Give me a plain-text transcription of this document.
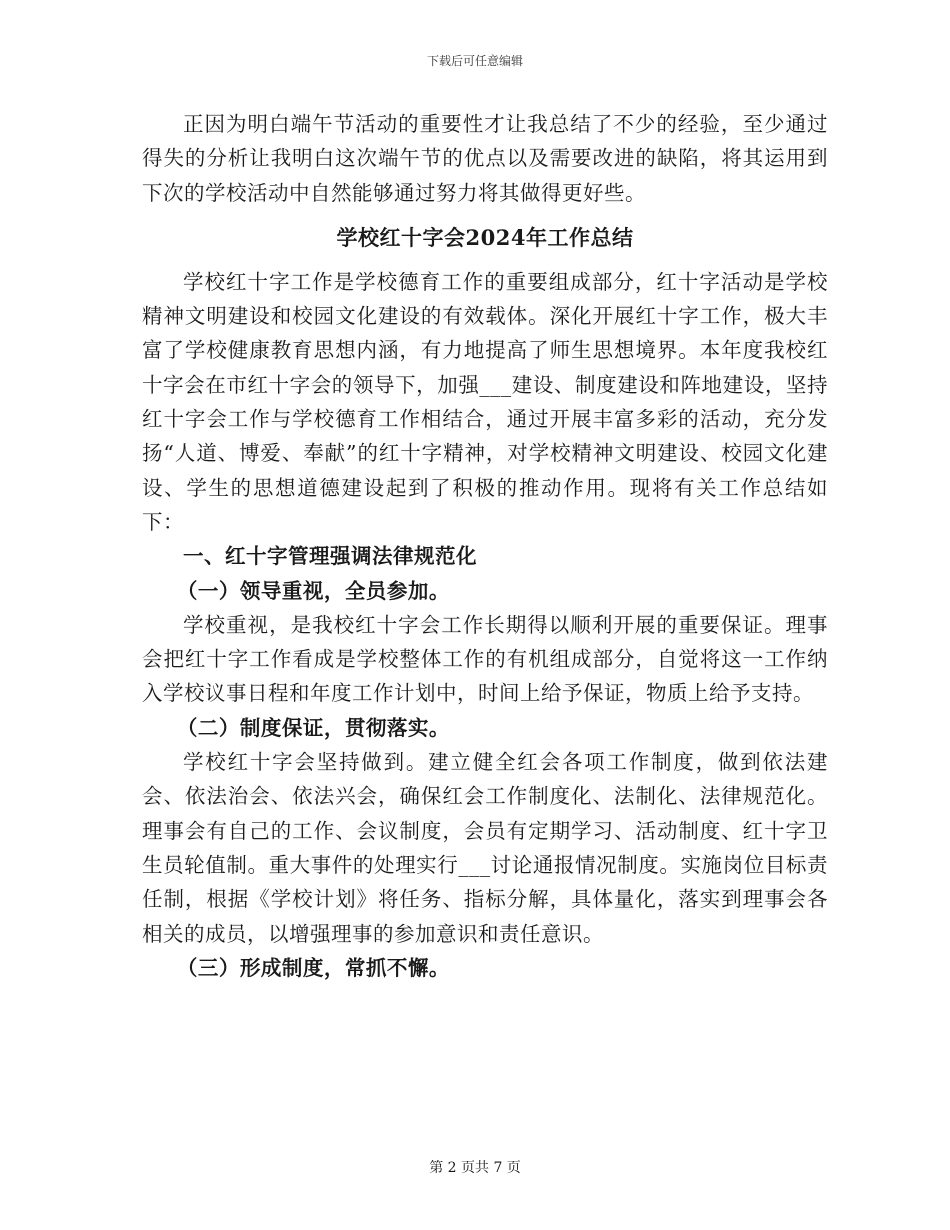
下载后可任意编辑

正因为明白端午节活动的重要性才让我总结了不少的经验，至少通过得失的分析让我明白这次端午节的优点以及需要改进的缺陷，将其运用到下次的学校活动中自然能够通过努力将其做得更好些。

学校红十字会2024年工作总结

学校红十字工作是学校德育工作的重要组成部分，红十字活动是学校精神文明建设和校园文化建设的有效载体。深化开展红十字工作，极大丰富了学校健康教育思想内涵，有力地提高了师生思想境界。本年度我校红十字会在市红十字会的领导下，加强___建设、制度建设和阵地建设，坚持红十字会工作与学校德育工作相结合，通过开展丰富多彩的活动，充分发扬“人道、博爱、奉献”的红十字精神，对学校精神文明建设、校园文化建设、学生的思想道德建设起到了积极的推动作用。现将有关工作总结如下：

一、红十字管理强调法律规范化

（一）领导重视，全员参加。

学校重视，是我校红十字会工作长期得以顺利开展的重要保证。理事会把红十字工作看成是学校整体工作的有机组成部分，自觉将这一工作纳入学校议事日程和年度工作计划中，时间上给予保证，物质上给予支持。

（二）制度保证，贯彻落实。

学校红十字会坚持做到。建立健全红会各项工作制度，做到依法建会、依法治会、依法兴会，确保红会工作制度化、法制化、法律规范化。理事会有自己的工作、会议制度，会员有定期学习、活动制度、红十字卫生员轮值制。重大事件的处理实行___讨论通报情况制度。实施岗位目标责任制，根据《学校计划》将任务、指标分解，具体量化，落实到理事会各相关的成员，以增强理事的参加意识和责任意识。

（三）形成制度，常抓不懈。

第 2 页共 7 页
